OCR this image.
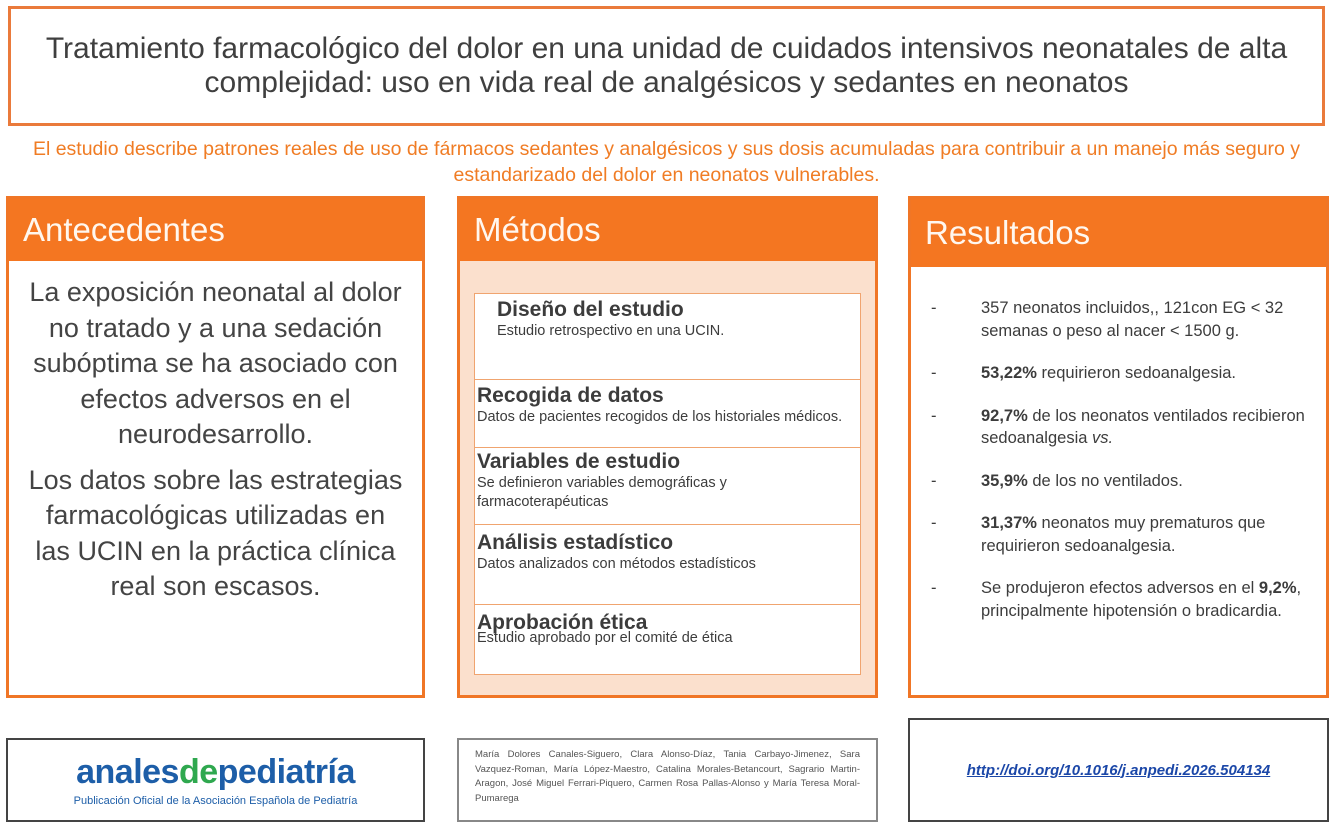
Tratamiento farmacológico del dolor en una unidad de cuidados intensivos neonatales de alta complejidad: uso en vida real de analgésicos y sedantes en neonatos
El estudio describe patrones reales de uso de fármacos sedantes y analgésicos y sus dosis acumuladas para contribuir a un manejo más seguro y estandarizado del dolor en neonatos vulnerables.
Antecedentes

La exposición neonatal al dolor no tratado y a una sedación subóptima se ha asociado con efectos adversos en el neurodesarrollo.

Los datos sobre las estrategias farmacológicas utilizadas en las UCIN en la práctica clínica real son escasos.

Métodos
Diseño del estudio
Estudio retrospectivo en una UCIN.
Recogida de datos
Datos de pacientes recogidos de los historiales médicos.
Variables de estudio
Se definieron variables demográficas y farmacoterapéuticas
Análisis estadístico
Datos analizados con métodos estadísticos
Aprobación ética
Estudio aprobado por el comité de ética
Resultados
-	357 neonatos incluidos,, 121con EG < 32 semanas o peso al nacer < 1500 g.
-	53,22% requirieron sedoanalgesia.
-	92,7% de los neonatos ventilados recibieron sedoanalgesia vs.
-	35,9% de los no ventilados.
-	31,37% neonatos muy prematuros que requirieron sedoanalgesia.
-	Se produjeron efectos adversos en el 9,2%, principalmente hipotensión o bradicardia.
analesdepediatría
Publicación Oficial de la Asociación Española de Pediatría
María Dolores Canales-Siguero, Clara Alonso-Díaz, Tania Carbayo-Jimenez, Sara Vazquez-Roman, María López-Maestro, Catalina Morales-Betancourt, Sagrario Martin-Aragon, José Miguel Ferrari-Piquero, Carmen Rosa Pallas-Alonso y María Teresa Moral-Pumarega
http://doi.org/10.1016/j.anpedi.2026.504134
